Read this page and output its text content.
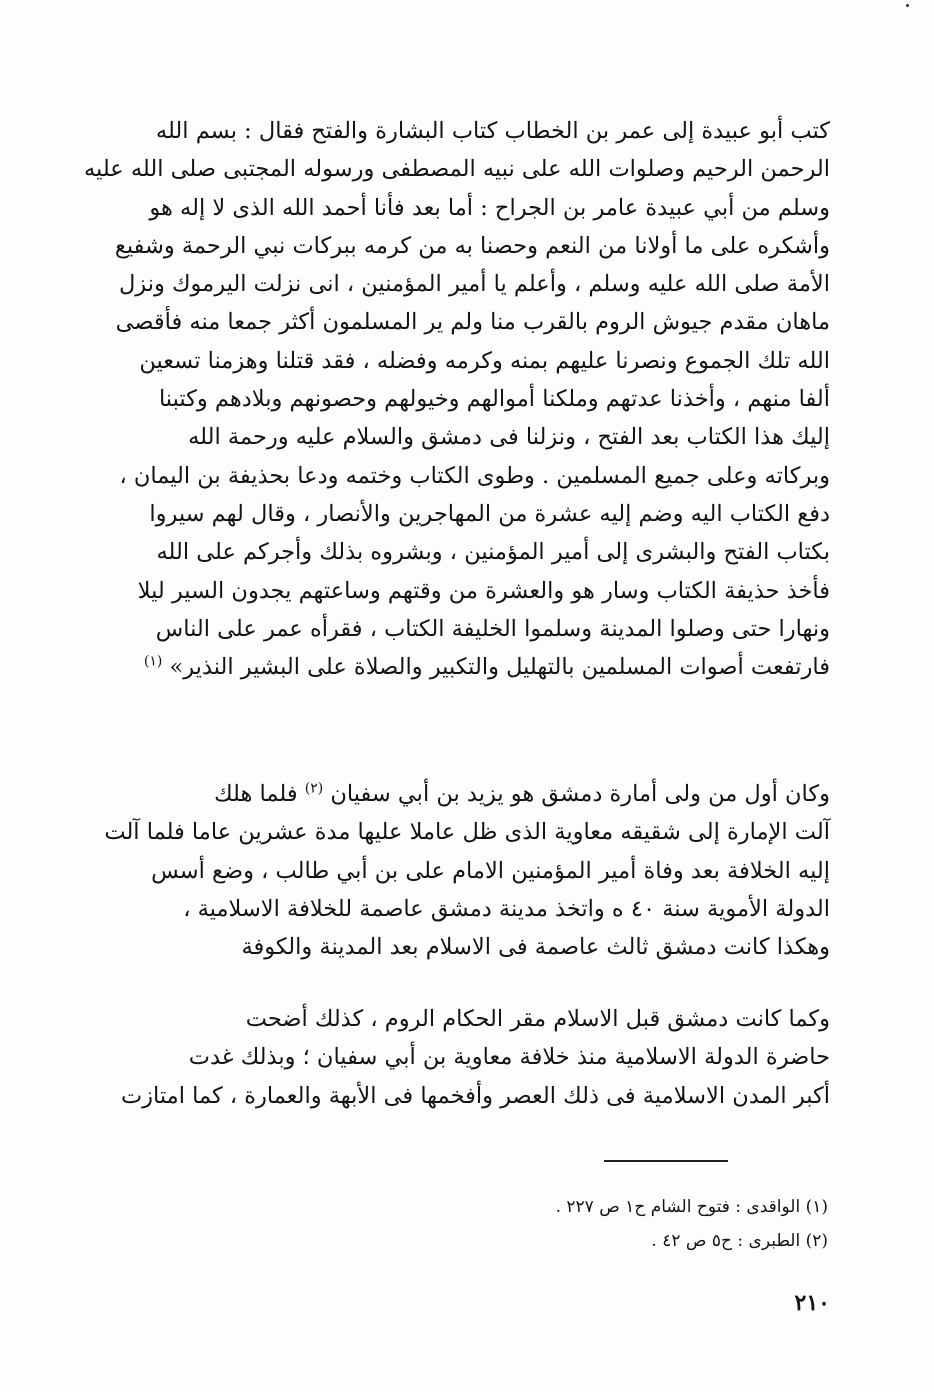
كتب أبو عبيدة إلى عمر بن الخطاب كتاب البشارة والفتح فقال : بسم الله
الرحمن الرحيم وصلوات الله على نبيه المصطفى ورسوله المجتبى صلى الله عليه
وسلم من أبي عبيدة عامر بن الجراح : أما بعد فأنا أحمد الله الذى لا إله هو
وأشكره على ما أولانا من النعم وحصنا به من كرمه ببركات نبي الرحمة وشفيع
الأمة صلى الله عليه وسلم ، وأعلم يا أمير المؤمنين ، انى نزلت اليرموك ونزل
ماهان مقدم جيوش الروم بالقرب منا ولم ير المسلمون أكثر جمعا منه فأقصى
الله تلك الجموع ونصرنا عليهم بمنه وكرمه وفضله ، فقد قتلنا وهزمنا تسعين
ألفا منهم ، وأخذنا عدتهم وملكنا أموالهم وخيولهم وحصونهم وبلادهم وكتبنا
إليك هذا الكتاب بعد الفتح ، ونزلنا فى دمشق والسلام عليه ورحمة الله
وبركاته وعلى جميع المسلمين . وطوى الكتاب وختمه ودعا بحذيفة بن اليمان ،
دفع الكتاب اليه وضم إليه عشرة من المهاجرين والأنصار ، وقال لهم سيروا
بكتاب الفتح والبشرى إلى أمير المؤمنين ، وبشروه بذلك وأجركم على الله
فأخذ حذيفة الكتاب وسار هو والعشرة من وقتهم وساعتهم يجدون السير ليلا
ونهارا حتى وصلوا المدينة وسلموا الخليفة الكتاب ، فقرأه عمر على الناس
فارتفعت أصوات المسلمين بالتهليل والتكبير والصلاة على البشير النذير» $^{(١)}$
وكان أول من ولى أمارة دمشق هو يزيد بن أبي سفيان $^{(٢)}$ فلما هلك
آلت الإمارة إلى شقيقه معاوية الذى ظل عاملا عليها مدة عشرين عاما فلما آلت
إليه الخلافة بعد وفاة أمير المؤمنين الامام على بن أبي طالب ، وضع أسس
الدولة الأموية سنة ٤٠ ه واتخذ مدينة دمشق عاصمة للخلافة الاسلامية ،
وهكذا كانت دمشق ثالث عاصمة فى الاسلام بعد المدينة والكوفة
وكما كانت دمشق قبل الاسلام مقر الحكام الروم ، كذلك أضحت
حاضرة الدولة الاسلامية منذ خلافة معاوية بن أبي سفيان ؛ وبذلك غدت
أكبر المدن الاسلامية فى ذلك العصر وأفخمها فى الأبهة والعمارة ، كما امتازت
(١) الواقدى : فتوح الشام ح١ ص ٢٢٧ .
(٢) الطبرى : ح٥ ص ٤٢ .
٢١٠
